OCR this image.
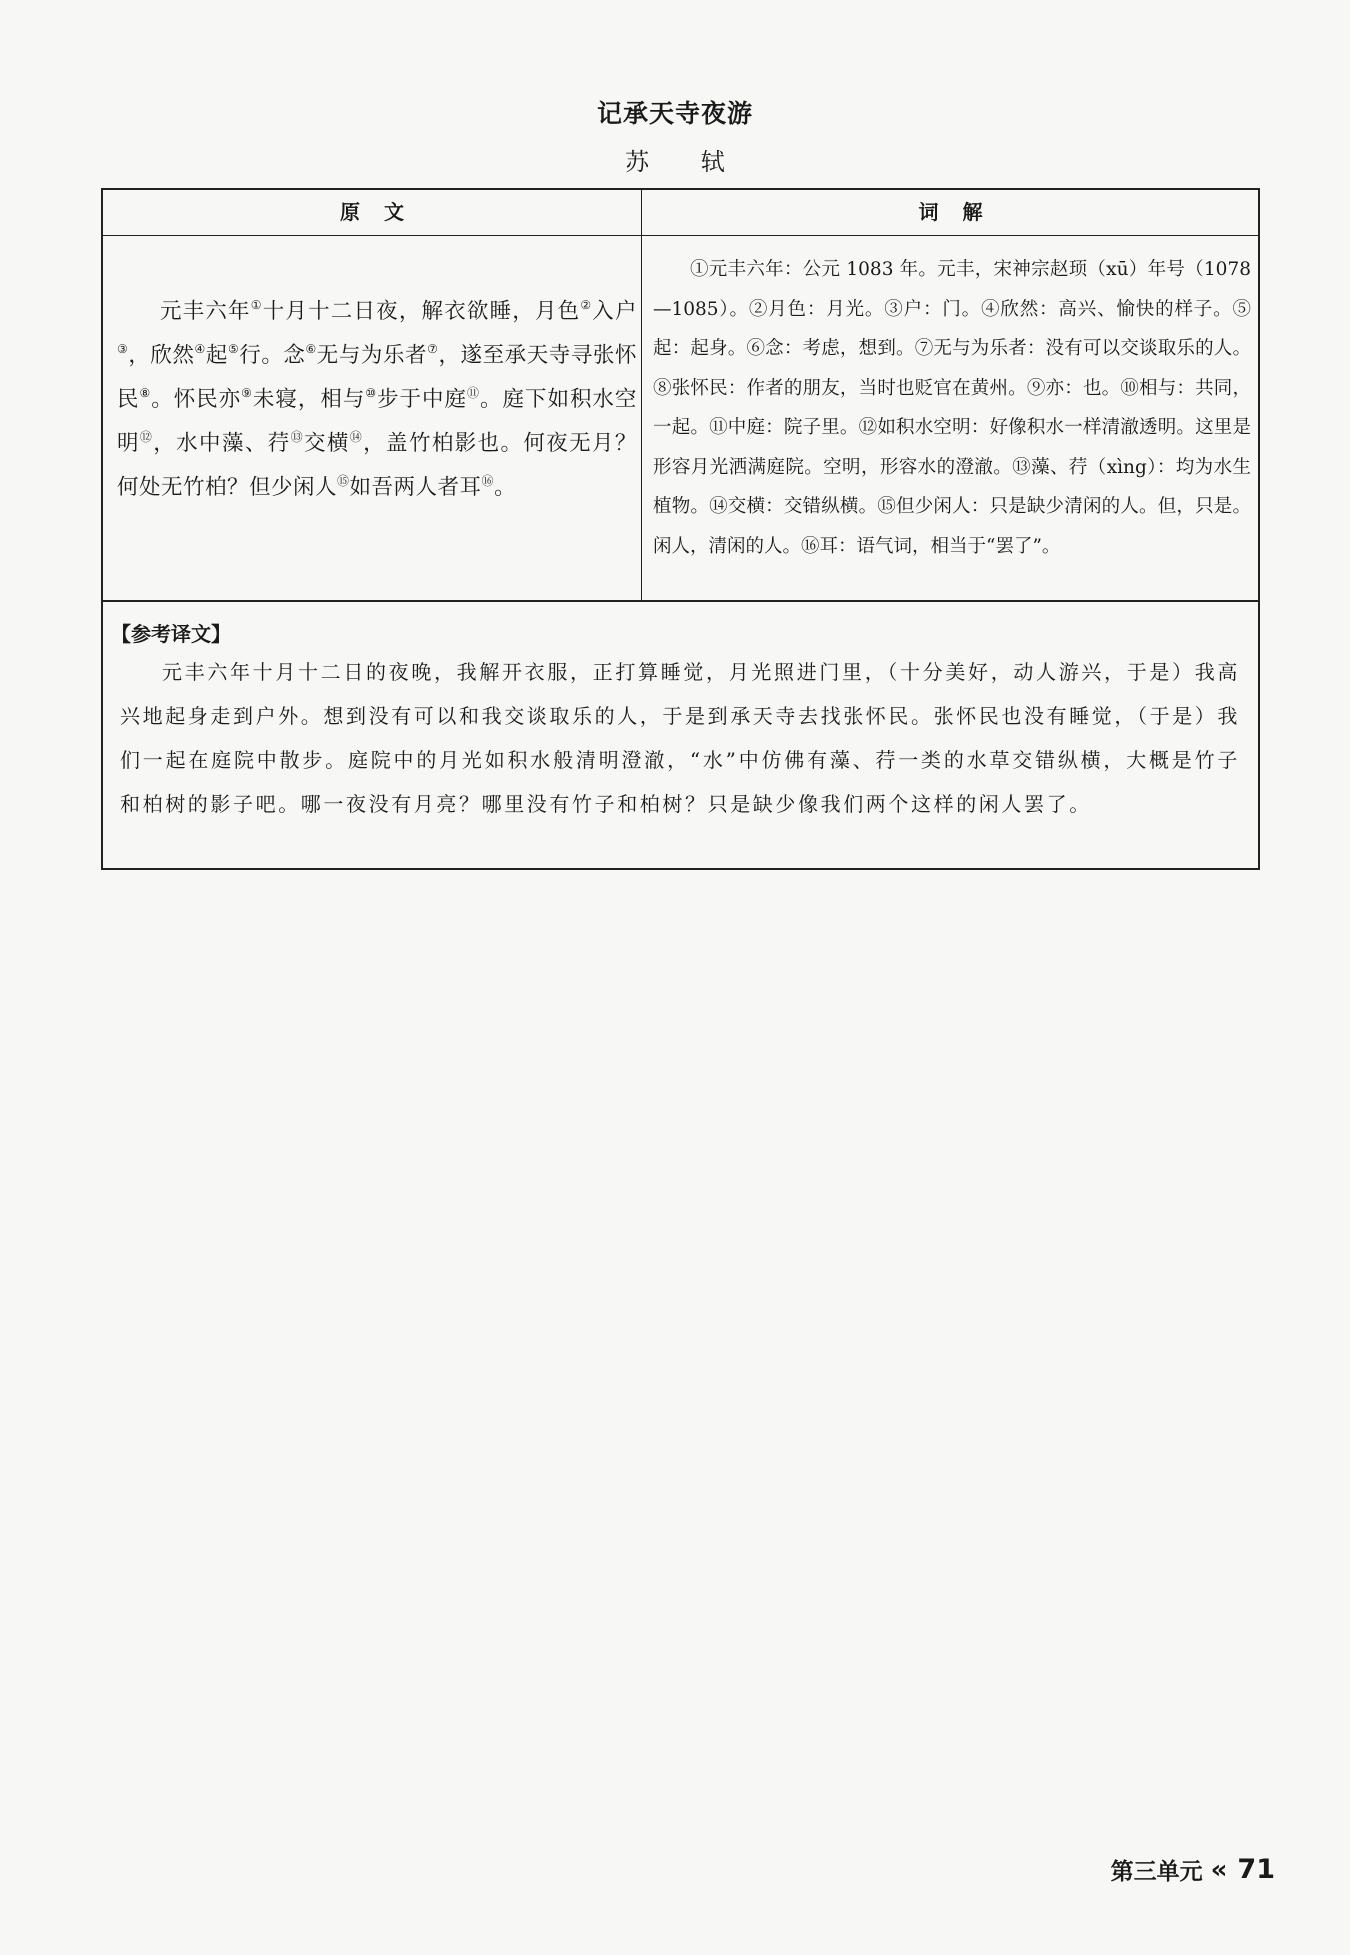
记承天寺夜游
苏 轼
原文	词解
元丰六年①十月十二日夜，解衣欲睡，月色②入户③，欣然④起⑤行。念⑥无与为乐者⑦，遂至承天寺寻张怀民⑧。怀民亦⑨未寝，相与⑩步于中庭⑪。庭下如积水空明⑫，水中藻、荇⑬交横⑭，盖竹柏影也。何夜无月？何处无竹柏？但少闲人⑮如吾两人者耳⑯。
①元丰六年：公元 1083 年。元丰，宋神宗赵顼（xū）年号（1078—1085）。②月色：月光。③户：门。④欣然：高兴、愉快的样子。⑤起：起身。⑥念：考虑，想到。⑦无与为乐者：没有可以交谈取乐的人。⑧张怀民：作者的朋友，当时也贬官在黄州。⑨亦：也。⑩相与：共同，一起。⑪中庭：院子里。⑫如积水空明：好像积水一样清澈透明。这里是形容月光洒满庭院。空明，形容水的澄澈。⑬藻、荇（xìng）：均为水生植物。⑭交横：交错纵横。⑮但少闲人：只是缺少清闲的人。但，只是。闲人，清闲的人。⑯耳：语气词，相当于“罢了”。
【参考译文】
元丰六年十月十二日的夜晚，我解开衣服，正打算睡觉，月光照进门里，（十分美好，动人游兴，于是）我高兴地起身走到户外。想到没有可以和我交谈取乐的人，于是到承天寺去找张怀民。张怀民也没有睡觉，（于是）我们一起在庭院中散步。庭院中的月光如积水般清明澄澈，“水”中仿佛有藻、荇一类的水草交错纵横，大概是竹子和柏树的影子吧。哪一夜没有月亮？哪里没有竹子和柏树？只是缺少像我们两个这样的闲人罢了。
第三单元 « 71
